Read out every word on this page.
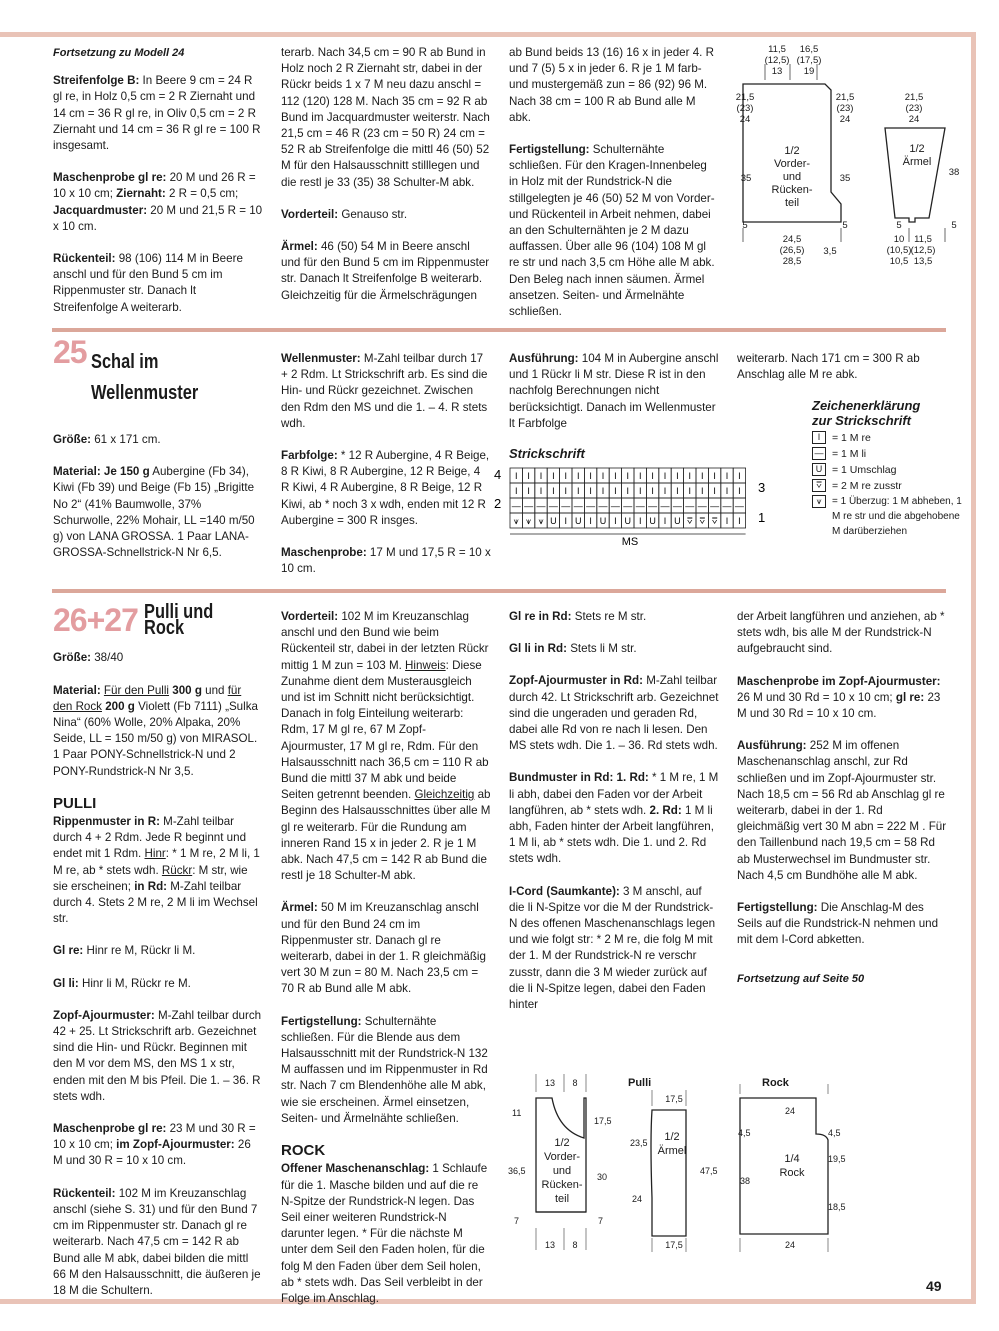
Fortsetzung zu Modell 24

Streifenfolge B: In Beere 9 cm = 24 R gl re, in Holz 0,5 cm = 2 R Ziernaht und 14 cm = 36 R gl re, in Oliv 0,5 cm = 2 R Ziernaht und 14 cm = 36 R gl re = 100 R insgesamt.

Maschenprobe gl re: 20 M und 26 R = 10 x 10 cm; Ziernaht: 2 R = 0,5 cm; Jacquardmuster: 20 M und 21,5 R = 10 x 10 cm.

Rückenteil: 98 (106) 114 M in Beere anschl und für den Bund 5 cm im Rippenmuster str. Danach lt Streifenfolge A weiterarb.

terarb. Nach 34,5 cm = 90 R ab Bund in Holz noch 2 R Ziernaht str, dabei in der Rückr beids 1 x 7 M neu dazu anschl = 112 (120) 128 M. Nach 35 cm = 92 R ab Bund im Jacquardmuster weiterstr. Nach 21,5 cm = 46 R (23 cm = 50 R) 24 cm = 52 R ab Streifenfolge die mittl 46 (50) 52 M für den Halsausschnitt stilllegen und die restl je 33 (35) 38 Schulter-M abk.

Vorderteil: Genauso str.

Ärmel: 46 (50) 54 M in Beere anschl und für den Bund 5 cm im Rippenmuster str. Danach lt Streifenfolge B weiterarb. Gleichzeitig für die Ärmelschrägungen

ab Bund beids 13 (16) 16 x in jeder 4. R und 7 (5) 5 x in jeder 6. R je 1 M farb- und mustergemäß zun = 86 (92) 96 M. Nach 38 cm = 100 R ab Bund alle M abk.

Fertigstellung: Schulternähte schließen. Für den Kragen-Innenbeleg in Holz mit der Rundstrick-N die stillgelegten je 46 (50) 52 M von Vorder- und Rückenteil in Arbeit nehmen, dabei an den Schulternähten je 2 M dazu auffassen. Über alle 96 (104) 108 M gl re str und nach 3,5 cm Höhe alle M abk. Den Beleg nach innen säumen. Ärmel ansetzen. Seiten- und Ärmelnähte schließen.

11,5
(12,5)
13
16,5
(17,5)
19
21,5
(23)
24
21,5
(23)
24
35	35
5	5
1/2
Vorder-
und
Rücken-
teil
24,5
(26,5)
28,5
3,5
21,5
(23)
24
1/2
Ärmel
38
5	5
10
(10,5)
10,5
11,5
(12,5)
13,5
25 Schal im
Wellenmuster

Größe: 61 x 171 cm.

Material: Je 150 g Aubergine (Fb 34), Kiwi (Fb 39) und Beige (Fb 15) „Brigitte No 2“ (41% Baumwolle, 37% Schurwolle, 22% Mohair, LL =140 m/50 g) von LANA GROSSA. 1 Paar LANA-GROSSA-Schnellstrick-N Nr 6,5.

Wellenmuster: M-Zahl teilbar durch 17 + 2 Rdm. Lt Strickschrift arb. Es sind die Hin- und Rückr gezeichnet. Zwischen den Rdm den MS und die 1. – 4. R stets wdh.

Farbfolge: * 12 R Aubergine, 4 R Beige, 8 R Kiwi, 8 R Aubergine, 12 R Beige, 4 R Kiwi, 4 R Aubergine, 8 R Beige, 12 R Kiwi, ab * noch 3 x wdh, enden mit 12 R Aubergine = 300 R insges.

Maschenprobe: 17 M und 17,5 R = 10 x 10 cm.

Ausführung: 104 M in Aubergine anschl und 1 Rückr li M str. Diese R ist in den nachfolg Berechnungen nicht berücksichtigt. Danach im Wellenmuster lt Farbfolge

weiterarb. Nach 171 cm = 300 R ab Anschlag alle M re abk.

Strickschrift
I I I I I I I I I I I I I I I I I I I
I I I I I I I I I I I I I I I I I I I
— — — — — — — — — — — — — — — — — — —
⩛ ⩛ ⩛ U I U I U I U I U I U ⩢ ⩢ ⩢ I I
4
3
2
1
MS
Zeichenerklärung
zur Strickschrift
I	= 1 M re
— = 1 M li
U = 1 Umschlag
⩢ = 2 M re zusstr
⩛	= 1 Überzug: 1 M abheben, 1 M re str und die abgehobene M darüberziehen
26+27 Pulli und Rock

Größe: 38/40

Material: Für den Pulli 300 g und für den Rock 200 g Violett (Fb 7111) „Sulka Nina“ (60% Wolle, 20% Alpaka, 20% Seide, LL = 150 m/50 g) von MIRASOL. 1 Paar PONY-Schnellstrick-N und 2 PONY-Rundstrick-N Nr 3,5.

PULLI

Rippenmuster in R: M-Zahl teilbar durch 4 + 2 Rdm. Jede R beginnt und endet mit 1 Rdm. Hinr: * 1 M re, 2 M li, 1 M re, ab * stets wdh. Rückr: M str, wie sie erscheinen; in Rd: M-Zahl teilbar durch 4. Stets 2 M re, 2 M li im Wechsel str.

Gl re: Hinr re M, Rückr li M.

Gl li: Hinr li M, Rückr re M.

Zopf-Ajourmuster: M-Zahl teilbar durch 42 + 25. Lt Strickschrift arb. Gezeichnet sind die Hin- und Rückr. Beginnen mit den M vor dem MS, den MS 1 x str, enden mit den M bis Pfeil. Die 1. – 36. R stets wdh.

Maschenprobe gl re: 23 M und 30 R = 10 x 10 cm; im Zopf-Ajourmuster: 26 M und 30 R = 10 x 10 cm.

Rückenteil: 102 M im Kreuzanschlag anschl (siehe S. 31) und für den Bund 7 cm im Rippenmuster str. Danach gl re weiterarb. Nach 47,5 cm = 142 R ab Bund alle M abk, dabei bilden die mittl 66 M den Halsausschnitt, die äußeren je 18 M die Schultern.

Vorderteil: 102 M im Kreuzanschlag anschl und den Bund wie beim Rückenteil str, dabei in der letzten Rückr mittig 1 M zun = 103 M. Hinweis: Diese Zunahme dient dem Musterausgleich und ist im Schnitt nicht berücksichtigt. Danach in folg Einteilung weiterarb: Rdm, 17 M gl re, 67 M Zopf-Ajourmuster, 17 M gl re, Rdm. Für den Halsausschnitt nach 36,5 cm = 110 R ab Bund die mittl 37 M abk und beide Seiten getrennt beenden. Gleichzeitig ab Beginn des Halsausschnittes über alle M gl re weiterarb. Für die Rundung am inneren Rand 15 x in jeder 2. R je 1 M abk. Nach 47,5 cm = 142 R ab Bund die restl je 18 Schulter-M abk.

Ärmel: 50 M im Kreuzanschlag anschl und für den Bund 24 cm im Rippenmuster str. Danach gl re weiterarb, dabei in der 1. R gleichmäßig vert 30 M zun = 80 M. Nach 23,5 cm = 70 R ab Bund alle M abk.

Fertigstellung: Schulternähte schließen. Für die Blende aus dem Halsausschnitt mit der Rundstrick-N 132 M auffassen und im Rippenmuster in Rd str. Nach 7 cm Blendenhöhe alle M abk, wie sie erscheinen. Ärmel einsetzen, Seiten- und Ärmelnähte schließen.

ROCK

Offener Maschenanschlag: 1 Schlaufe für die 1. Masche bilden und auf die re N-Spitze der Rundstrick-N legen. Das Seil einer weiteren Rundstrick-N darunter legen. * Für die nächste M unter dem Seil den Faden holen, für die folg M den Faden über dem Seil holen, ab * stets wdh. Das Seil verbleibt in der Folge im Anschlag.

Gl re in Rd: Stets re M str.

Gl li in Rd: Stets li M str.

Zopf-Ajourmuster in Rd: M-Zahl teilbar durch 42. Lt Strickschrift arb. Gezeichnet sind die ungeraden und geraden Rd, dabei alle Rd von re nach li lesen. Den MS stets wdh. Die 1. – 36. Rd stets wdh.

Bundmuster in Rd: 1. Rd: * 1 M re, 1 M li abh, dabei den Faden vor der Arbeit langführen, ab * stets wdh. 2. Rd: 1 M li abh, Faden hinter der Arbeit langführen, 1 M li, ab * stets wdh. Die 1. und 2. Rd stets wdh.

I-Cord (Saumkante): 3 M anschl, auf die li N-Spitze vor die M der Rundstrick-N des offenen Maschenanschlags legen und wie folgt str: * 2 M re, die folg M mit der 1. M der Rundstrick-N re verschr zusstr, dann die 3 M wieder zurück auf die li N-Spitze legen, dabei den Faden hinter

der Arbeit langführen und anziehen, ab * stets wdh, bis alle M der Rundstrick-N aufgebraucht sind.

Maschenprobe im Zopf-Ajourmuster: 26 M und 30 Rd = 10 x 10 cm; gl re: 23 M und 30 Rd = 10 x 10 cm.

Ausführung: 252 M im offenen Maschenanschlag anschl, zur Rd schließen und im Zopf-Ajourmuster str. Nach 18,5 cm = 56 Rd ab Anschlag gl re weiterarb, dabei in der 1. Rd gleichmäßig vert 30 M abn = 222 M . Für den Taillenbund nach 19,5 cm = 58 Rd ab Musterwechsel im Bundmuster str. Nach 4,5 cm Bundhöhe alle M abk.

Fertigstellung: Die Anschlag-M des Seils auf die Rundstrick-N nehmen und mit dem I-Cord abketten.

Fortsetzung auf Seite 50
13 8
13 8
11
17,5
36,5
30
7	7
1/2
Vorder-
und
Rücken-
teil
Pulli
17,5
23,5
47,5
24
17,5
1/2
Ärmel
Rock
24
4,5	4,5
19,5
38
18,5
24
1/4
Rock
49
